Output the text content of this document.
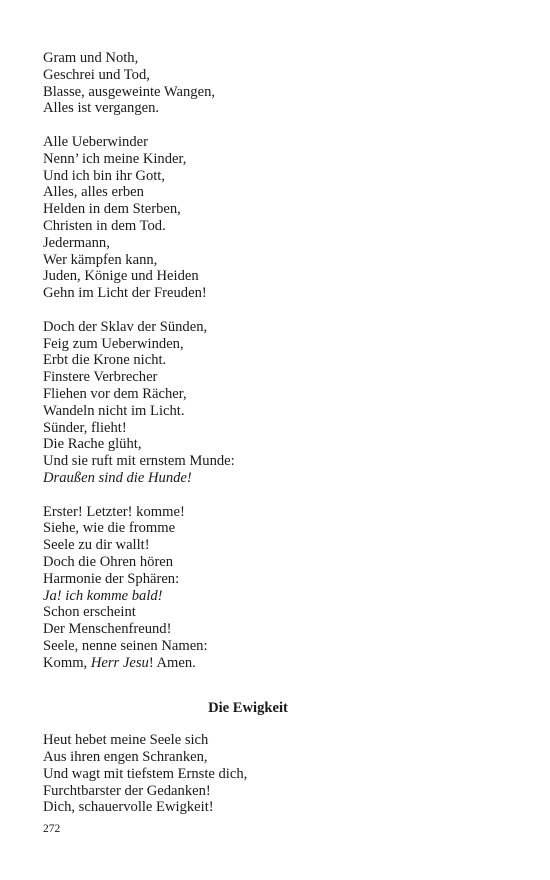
Gram und Noth,
Geschrei und Tod,
Blasse, ausgeweinte Wangen,
Alles ist vergangen.
Alle Ueberwinder
Nenn’ ich meine Kinder,
Und ich bin ihr Gott,
Alles, alles erben
Helden in dem Sterben,
Christen in dem Tod.
Jedermann,
Wer kämpfen kann,
Juden, Könige und Heiden
Gehn im Licht der Freuden!
Doch der Sklav der Sünden,
Feig zum Ueberwinden,
Erbt die Krone nicht.
Finstere Verbrecher
Fliehen vor dem Rächer,
Wandeln nicht im Licht.
Sünder, flieht!
Die Rache glüht,
Und sie ruft mit ernstem Munde:
Draußen sind die Hunde!
Erster! Letzter! komme!
Siehe, wie die fromme
Seele zu dir wallt!
Doch die Ohren hören
Harmonie der Sphären:
Ja! ich komme bald!
Schon erscheint
Der Menschenfreund!
Seele, nenne seinen Namen:
Komm, Herr Jesu! Amen.
Die Ewigkeit
Heut hebet meine Seele sich
Aus ihren engen Schranken,
Und wagt mit tiefstem Ernste dich,
Furchtbarster der Gedanken!
Dich, schauervolle Ewigkeit!
272
